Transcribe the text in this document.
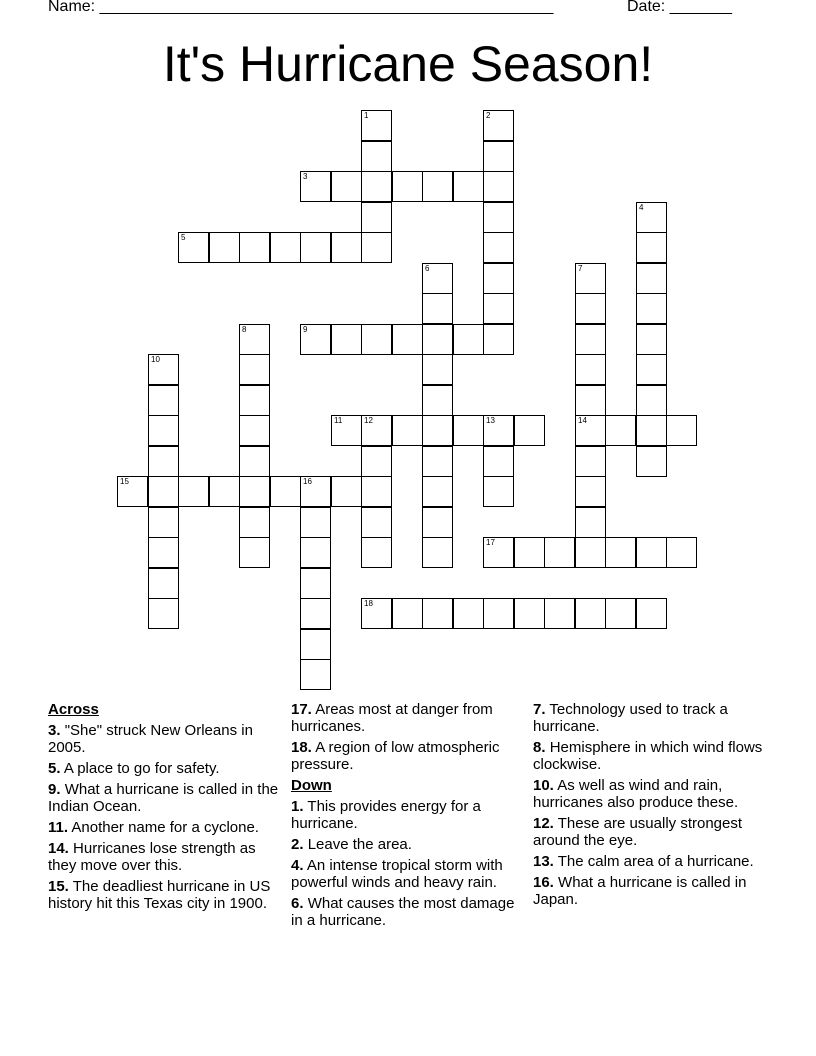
Name: ___________________________________________________	Date: _______
It's Hurricane Season!
1	2
3
4
5
6	7
14
8	9
10
11	12	13
15	16
17
18
Across
3. "She" struck New Orleans in 2005.
5. A place to go for safety.
9. What a hurricane is called in the Indian Ocean.
11. Another name for a cyclone.
14. Hurricanes lose strength as they move over this.
15. The deadliest hurricane in US history hit this Texas city in 1900.
17. Areas most at danger from hurricanes.
18. A region of low atmospheric pressure.
Down
1. This provides energy for a hurricane.
2. Leave the area.
4. An intense tropical storm with powerful winds and heavy rain.
6. What causes the most damage in a hurricane.
7. Technology used to track a hurricane.
8. Hemisphere in which wind flows clockwise.
10. As well as wind and rain, hurricanes also produce these.
12. These are usually strongest around the eye.
13. The calm area of a hurricane.
16. What a hurricane is called in Japan.
